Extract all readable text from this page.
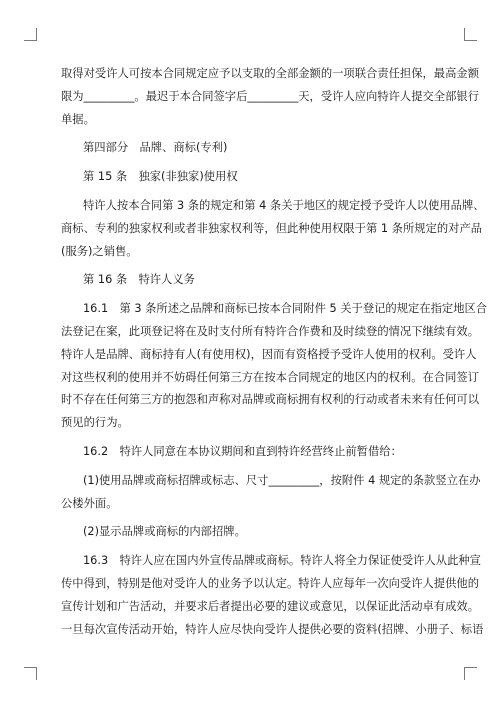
取得对受许人可按本合同规定应予以支取的全部金额的一项联合责任担保，最高金额
限为_________。最迟于本合同签字后_________天，受许人应向特许人提交全部银行
单据。

第四部分　品牌、商标(专利)

第 15 条　独家(非独家)使用权

特许人按本合同第 3 条的规定和第 4 条关于地区的规定授予受许人以使用品牌、
商标、专利的独家权利或者非独家权利等，但此种使用权限于第 1 条所规定的对产品
(服务)之销售。

第 16 条　特许人义务

16.1　第 3 条所述之品牌和商标已按本合同附件 5 关于登记的规定在指定地区合
法登记在案，此项登记将在及时支付所有特许合作费和及时续登的情况下继续有效。
特许人是品牌、商标持有人(有使用权)，因而有资格授予受许人使用的权利。受许人
对这些权利的使用并不妨碍任何第三方在按本合同规定的地区内的权利。在合同签订
时不存在任何第三方的抱怨和声称对品牌或商标拥有权利的行动或者未来有任何可以
预见的行为。

16.2　特许人同意在本协议期间和直到特许经营终止前暂借给：

(1)使用品牌或商标招牌或标志、尺寸_________，按附件 4 规定的条款竖立在办
公楼外面。

(2)显示品牌或商标的内部招牌。

16.3　特许人应在国内外宣传品牌或商标。特许人将全力保证使受许人从此种宣
传中得到，特别是他对受许人的业务予以认定。特许人应每年一次向受许人提供他的
宣传计划和广告活动，并要求后者提出必要的建议或意见，以保证此活动卓有成效。
一旦每次宣传活动开始，特许人应尽快向受许人提供必要的资料(招牌、小册子、标语
